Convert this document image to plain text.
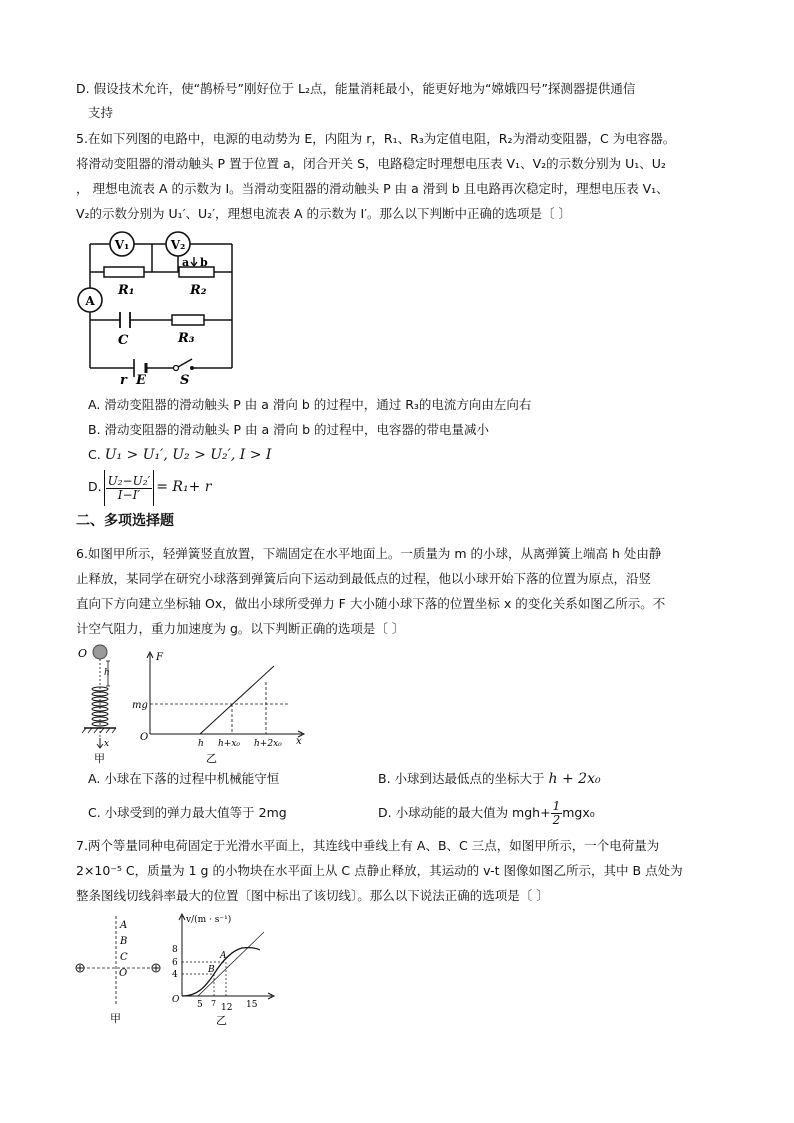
D. 假设技术允许，使“鹊桥号”刚好位于 L₂点，能量消耗最小，能更好地为“嫦娥四号”探测器提供通信
支持
5.在如下列图的电路中，电源的电动势为 E，内阻为 r，R₁、R₃为定值电阻，R₂为滑动变阻器，C 为电容器。
将滑动变阻器的滑动触头 P 置于位置 a，闭合开关 S，电路稳定时理想电压表 V₁、V₂的示数分别为 U₁、U₂
， 理想电流表 A 的示数为 I。当滑动变阻器的滑动触头 P 由 a 滑到 b 且电路再次稳定时，理想电压表 V₁、
V₂的示数分别为 U₁′、U₂′，理想电流表 A 的示数为 I′。那么以下判断中正确的选项是〔 〕
V₁	V₂
R₁
a b
R₂
A
C	R₃
r E	S
A. 滑动变阻器的滑动触头 P 由 a 滑向 b 的过程中，通过 R₃的电流方向由左向右
B. 滑动变阻器的滑动触头 P 由 a 滑向 b 的过程中，电容器的带电量减小
C. U₁ > U₁′, U₂ > U₂′, I > I
D. $\frac{\text{U₂−U₂′}}{I-I'} = R_1+ r$
二、多项选择题
6.如图甲所示，轻弹簧竖直放置，下端固定在水平地面上。一质量为 m 的小球，从离弹簧上端高 h 处由静
止释放，某同学在研究小球落到弹簧后向下运动到最低点的过程，他以小球开始下落的位置为原点，沿竖
直向下方向建立坐标轴 Ox，做出小球所受弹力 F 大小随小球下落的位置坐标 x 的变化关系如图乙所示。不
计空气阻力，重力加速度为 g。以下判断正确的选项是〔 〕
O
h
x
甲
F
O
mg
h h+x₀ h+2x₀ x
乙
A. 小球在下落的过程中机械能守恒	B. 小球到达最低点的坐标大于 h + 2x₀
C. 小球受到的弹力最大值等于 2mg	D. 小球动能的最大值为 $mgh+ \frac{1}{2} mgx_0$
7.两个等量同种电荷固定于光滑水平面上，其连线中垂线上有 A、B、C 三点，如图甲所示，一个电荷量为
2×10⁻⁵ C，质量为 1 g 的小物块在水平面上从 C 点静止释放，其运动的 v-t 图像如图乙所示，其中 B 点处为
整条图线切线斜率最大的位置〔图中标出了该切线〕。那么以下说法正确的选项是〔 〕
A
B
C
O
甲
v/(m · s⁻¹)
8
6
4
O
A
B
5 7 12 15
乙
